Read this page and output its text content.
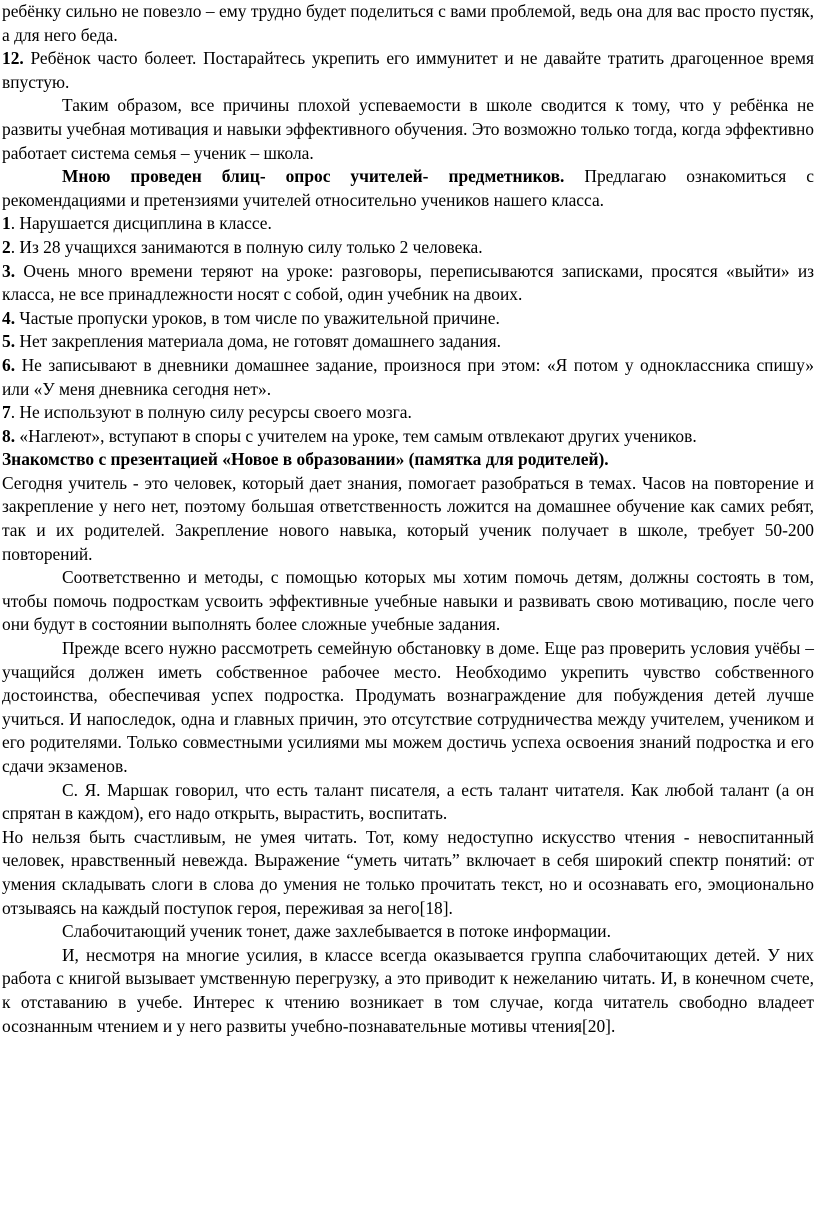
ребёнку сильно не повезло – ему трудно будет поделиться с вами проблемой, ведь она для вас просто пустяк, а для него беда.

12. Ребёнок часто болеет. Постарайтесь укрепить его иммунитет и не давайте тратить драгоценное время впустую.

Таким образом, все причины плохой успеваемости в школе сводится к тому, что у ребёнка не развиты учебная мотивация и навыки эффективного обучения. Это возможно только тогда, когда эффективно работает система семья – ученик – школа.

Мною проведен блиц- опрос учителей- предметников. Предлагаю ознакомиться с рекомендациями и претензиями учителей относительно учеников нашего класса.

1. Нарушается дисциплина в классе.

2. Из 28 учащихся занимаются в полную силу только 2 человека.

3. Очень много времени теряют на уроке: разговоры, переписываются записками, просятся «выйти» из класса, не все принадлежности носят с собой, один учебник на двоих.

4. Частые пропуски уроков, в том числе по уважительной причине.

5. Нет закрепления материала дома, не готовят домашнего задания.

6. Не записывают в дневники домашнее задание, произнося при этом: «Я потом у одноклассника спишу» или «У меня дневника сегодня нет».

7. Не используют в полную силу ресурсы своего мозга.

8. «Наглеют», вступают в споры с учителем на уроке, тем самым отвлекают других учеников.

Знакомство с презентацией «Новое в образовании» (памятка для родителей).

Сегодня учитель - это человек, который дает знания, помогает разобраться в темах. Часов на повторение и закрепление у него нет, поэтому большая ответственность ложится на домашнее обучение как самих ребят, так и их родителей. Закрепление нового навыка, который ученик получает в школе, требует 50-200 повторений.

Соответственно и методы, с помощью которых мы хотим помочь детям, должны состоять в том, чтобы помочь подросткам усвоить эффективные учебные навыки и развивать свою мотивацию, после чего они будут в состоянии выполнять более сложные учебные задания.

Прежде всего нужно рассмотреть семейную обстановку в доме. Еще раз проверить условия учёбы – учащийся должен иметь собственное рабочее место. Необходимо укрепить чувство собственного достоинства, обеспечивая успех подростка. Продумать вознаграждение для побуждения детей лучше учиться. И напоследок, одна и главных причин, это отсутствие сотрудничества между учителем, учеником и его родителями. Только совместными усилиями мы можем достичь успеха освоения знаний подростка и его сдачи экзаменов.

С. Я. Маршак говорил, что есть талант писателя, а есть талант читателя. Как любой талант (а он спрятан в каждом), его надо открыть, вырастить, воспитать.

Но нельзя быть счастливым, не умея читать. Тот, кому недоступно искусство чтения - невоспитанный человек, нравственный невежда. Выражение “уметь читать” включает в себя широкий спектр понятий: от умения складывать слоги в слова до умения не только прочитать текст, но и осознавать его, эмоционально отзываясь на каждый поступок героя, переживая за него[18].

Слабочитающий ученик тонет, даже захлебывается в потоке информации.

И, несмотря на многие усилия, в классе всегда оказывается группа слабочитающих детей. У них работа с книгой вызывает умственную перегрузку, а это приводит к нежеланию читать. И, в конечном счете, к отставанию в учебе. Интерес к чтению возникает в том случае, когда читатель свободно владеет осознанным чтением и у него развиты учебно-познавательные мотивы чтения[20].
